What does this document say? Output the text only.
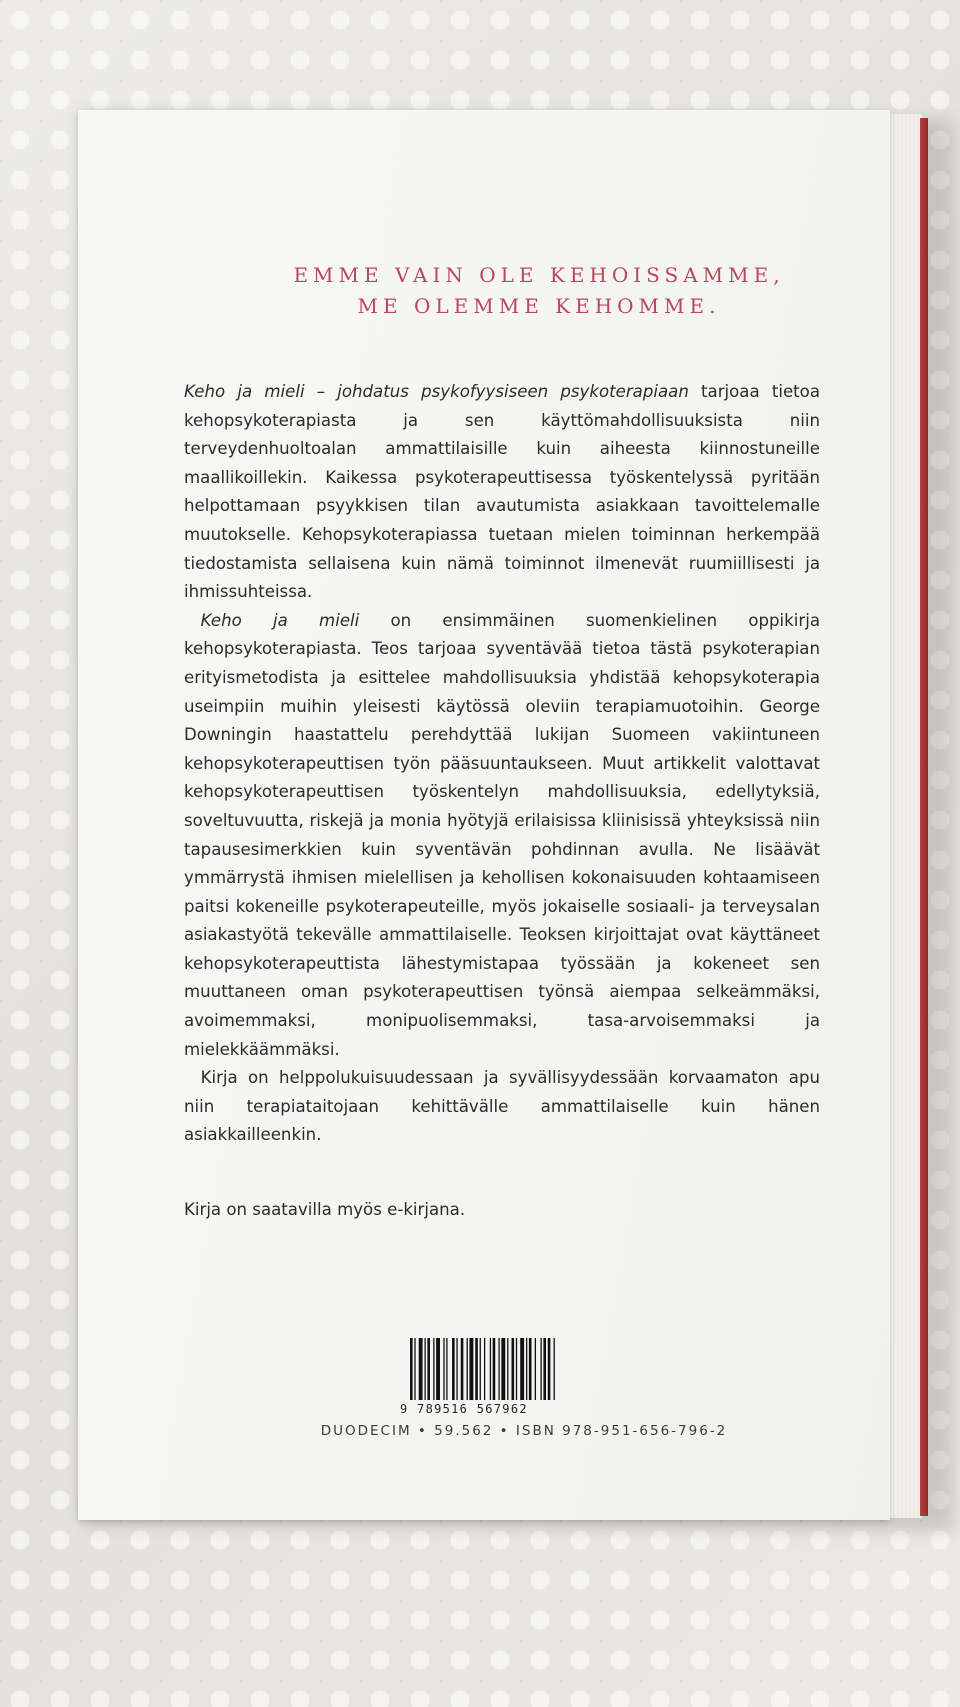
EMME VAIN OLE KEHOISSAMME,
ME OLEMME KEHOMME.

Keho ja mieli – johdatus psykofyysiseen psykoterapiaan tarjoaa tietoa kehopsykoterapiasta ja sen käyttömahdollisuuksista niin terveydenhuoltoalan ammattilaisille kuin aiheesta kiinnostuneille maallikoillekin. Kaikessa psykoterapeuttisessa työskentelyssä pyritään helpottamaan psyykkisen tilan avautumista asiakkaan tavoittelemalle muutokselle. Kehopsykoterapiassa tuetaan mielen toiminnan herkempää tiedostamista sellaisena kuin nämä toiminnot ilmenevät ruumiillisesti ja ihmissuhteissa.

 Keho ja mieli on ensimmäinen suomenkielinen oppikirja kehopsykoterapiasta. Teos tarjoaa syventävää tietoa tästä psykoterapian erityismetodista ja esittelee mahdollisuuksia yhdistää kehopsykoterapia useimpiin muihin yleisesti käytössä oleviin terapiamuotoihin. George Downingin haastattelu perehdyttää lukijan Suomeen vakiintuneen kehopsykoterapeuttisen työn pääsuuntaukseen. Muut artikkelit valottavat kehopsykoterapeuttisen työskentelyn mahdollisuuksia, edellytyksiä, soveltuvuutta, riskejä ja monia hyötyjä erilaisissa kliinisissä yhteyksissä niin tapausesimerkkien kuin syventävän pohdinnan avulla. Ne lisäävät ymmärrystä ihmisen mielellisen ja kehollisen kokonaisuuden kohtaamiseen paitsi kokeneille psykoterapeuteille, myös jokaiselle sosiaali- ja terveysalan asiakastyötä tekevälle ammattilaiselle. Teoksen kirjoittajat ovat käyttäneet kehopsykoterapeuttista lähestymistapaa työssään ja kokeneet sen muuttaneen oman psykoterapeuttisen työnsä aiempaa selkeämmäksi, avoimemmaksi, monipuolisemmaksi, tasa-arvoisemmaksi ja mielekkäämmäksi.

 Kirja on helppolukuisuudessaan ja syvällisyydessään korvaamaton apu niin terapiataitojaan kehittävälle ammattilaiselle kuin hänen asiakkailleenkin.

Kirja on saatavilla myös e-kirjana.
9 789516 567962
DUODECIM • 59.562 • ISBN 978-951-656-796-2
